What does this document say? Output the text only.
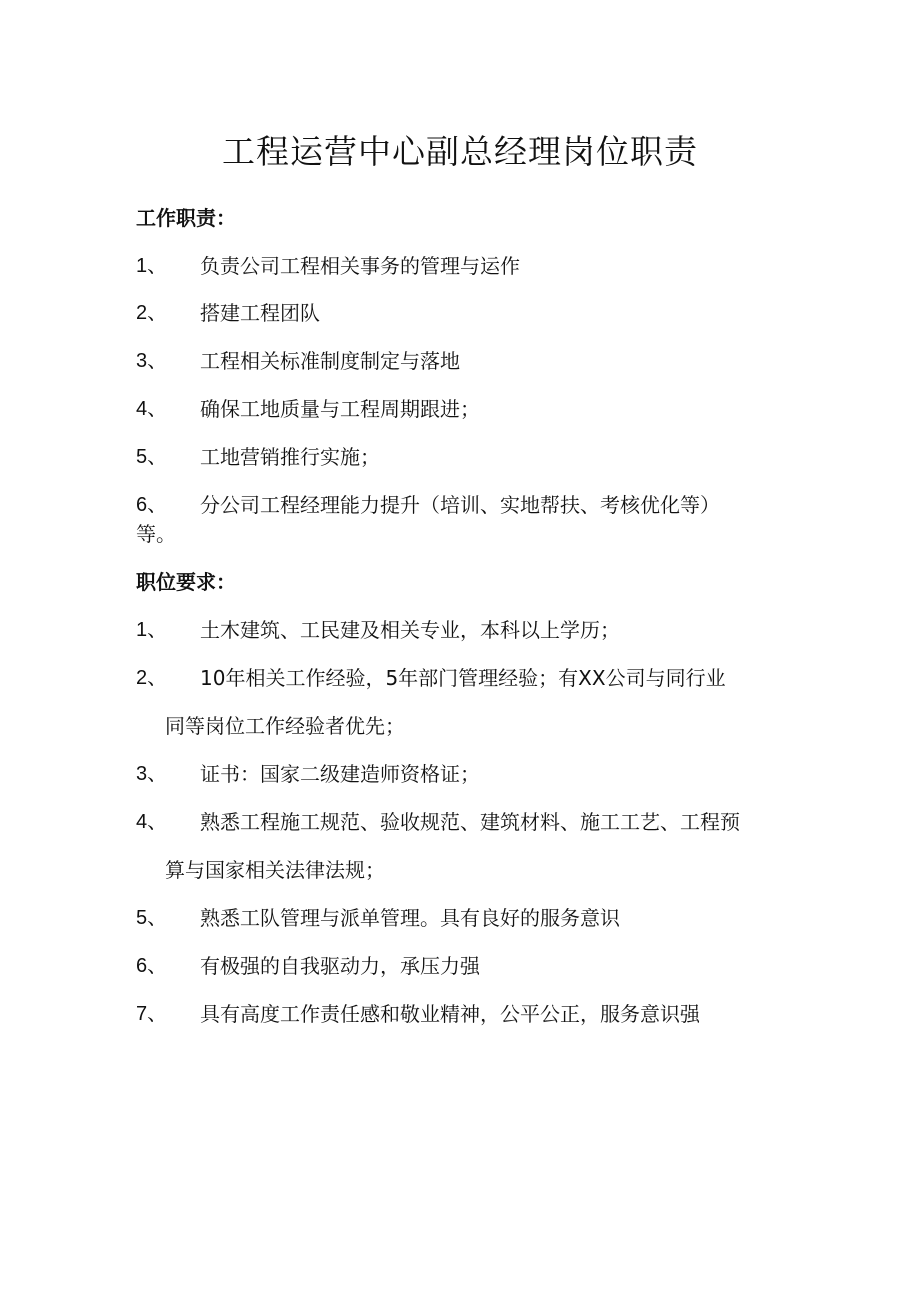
工程运营中心副总经理岗位职责
工作职责：
1、	负责公司工程相关事务的管理与运作
2、	搭建工程团队
3、	工程相关标准制度制定与落地
4、	确保工地质量与工程周期跟进；
5、	工地营销推行实施；
6、	分公司工程经理能力提升（培训、实地帮扶、考核优化等）
等。
职位要求：
1、	土木建筑、工民建及相关专业，本科以上学历；
2、	10年相关工作经验，5年部门管理经验；有XX公司与同行业
同等岗位工作经验者优先；
3、	证书：国家二级建造师资格证；
4、	熟悉工程施工规范、验收规范、建筑材料、施工工艺、工程预
算与国家相关法律法规；
5、	熟悉工队管理与派单管理。具有良好的服务意识
6、	有极强的自我驱动力，承压力强
7、	具有高度工作责任感和敬业精神，公平公正，服务意识强
